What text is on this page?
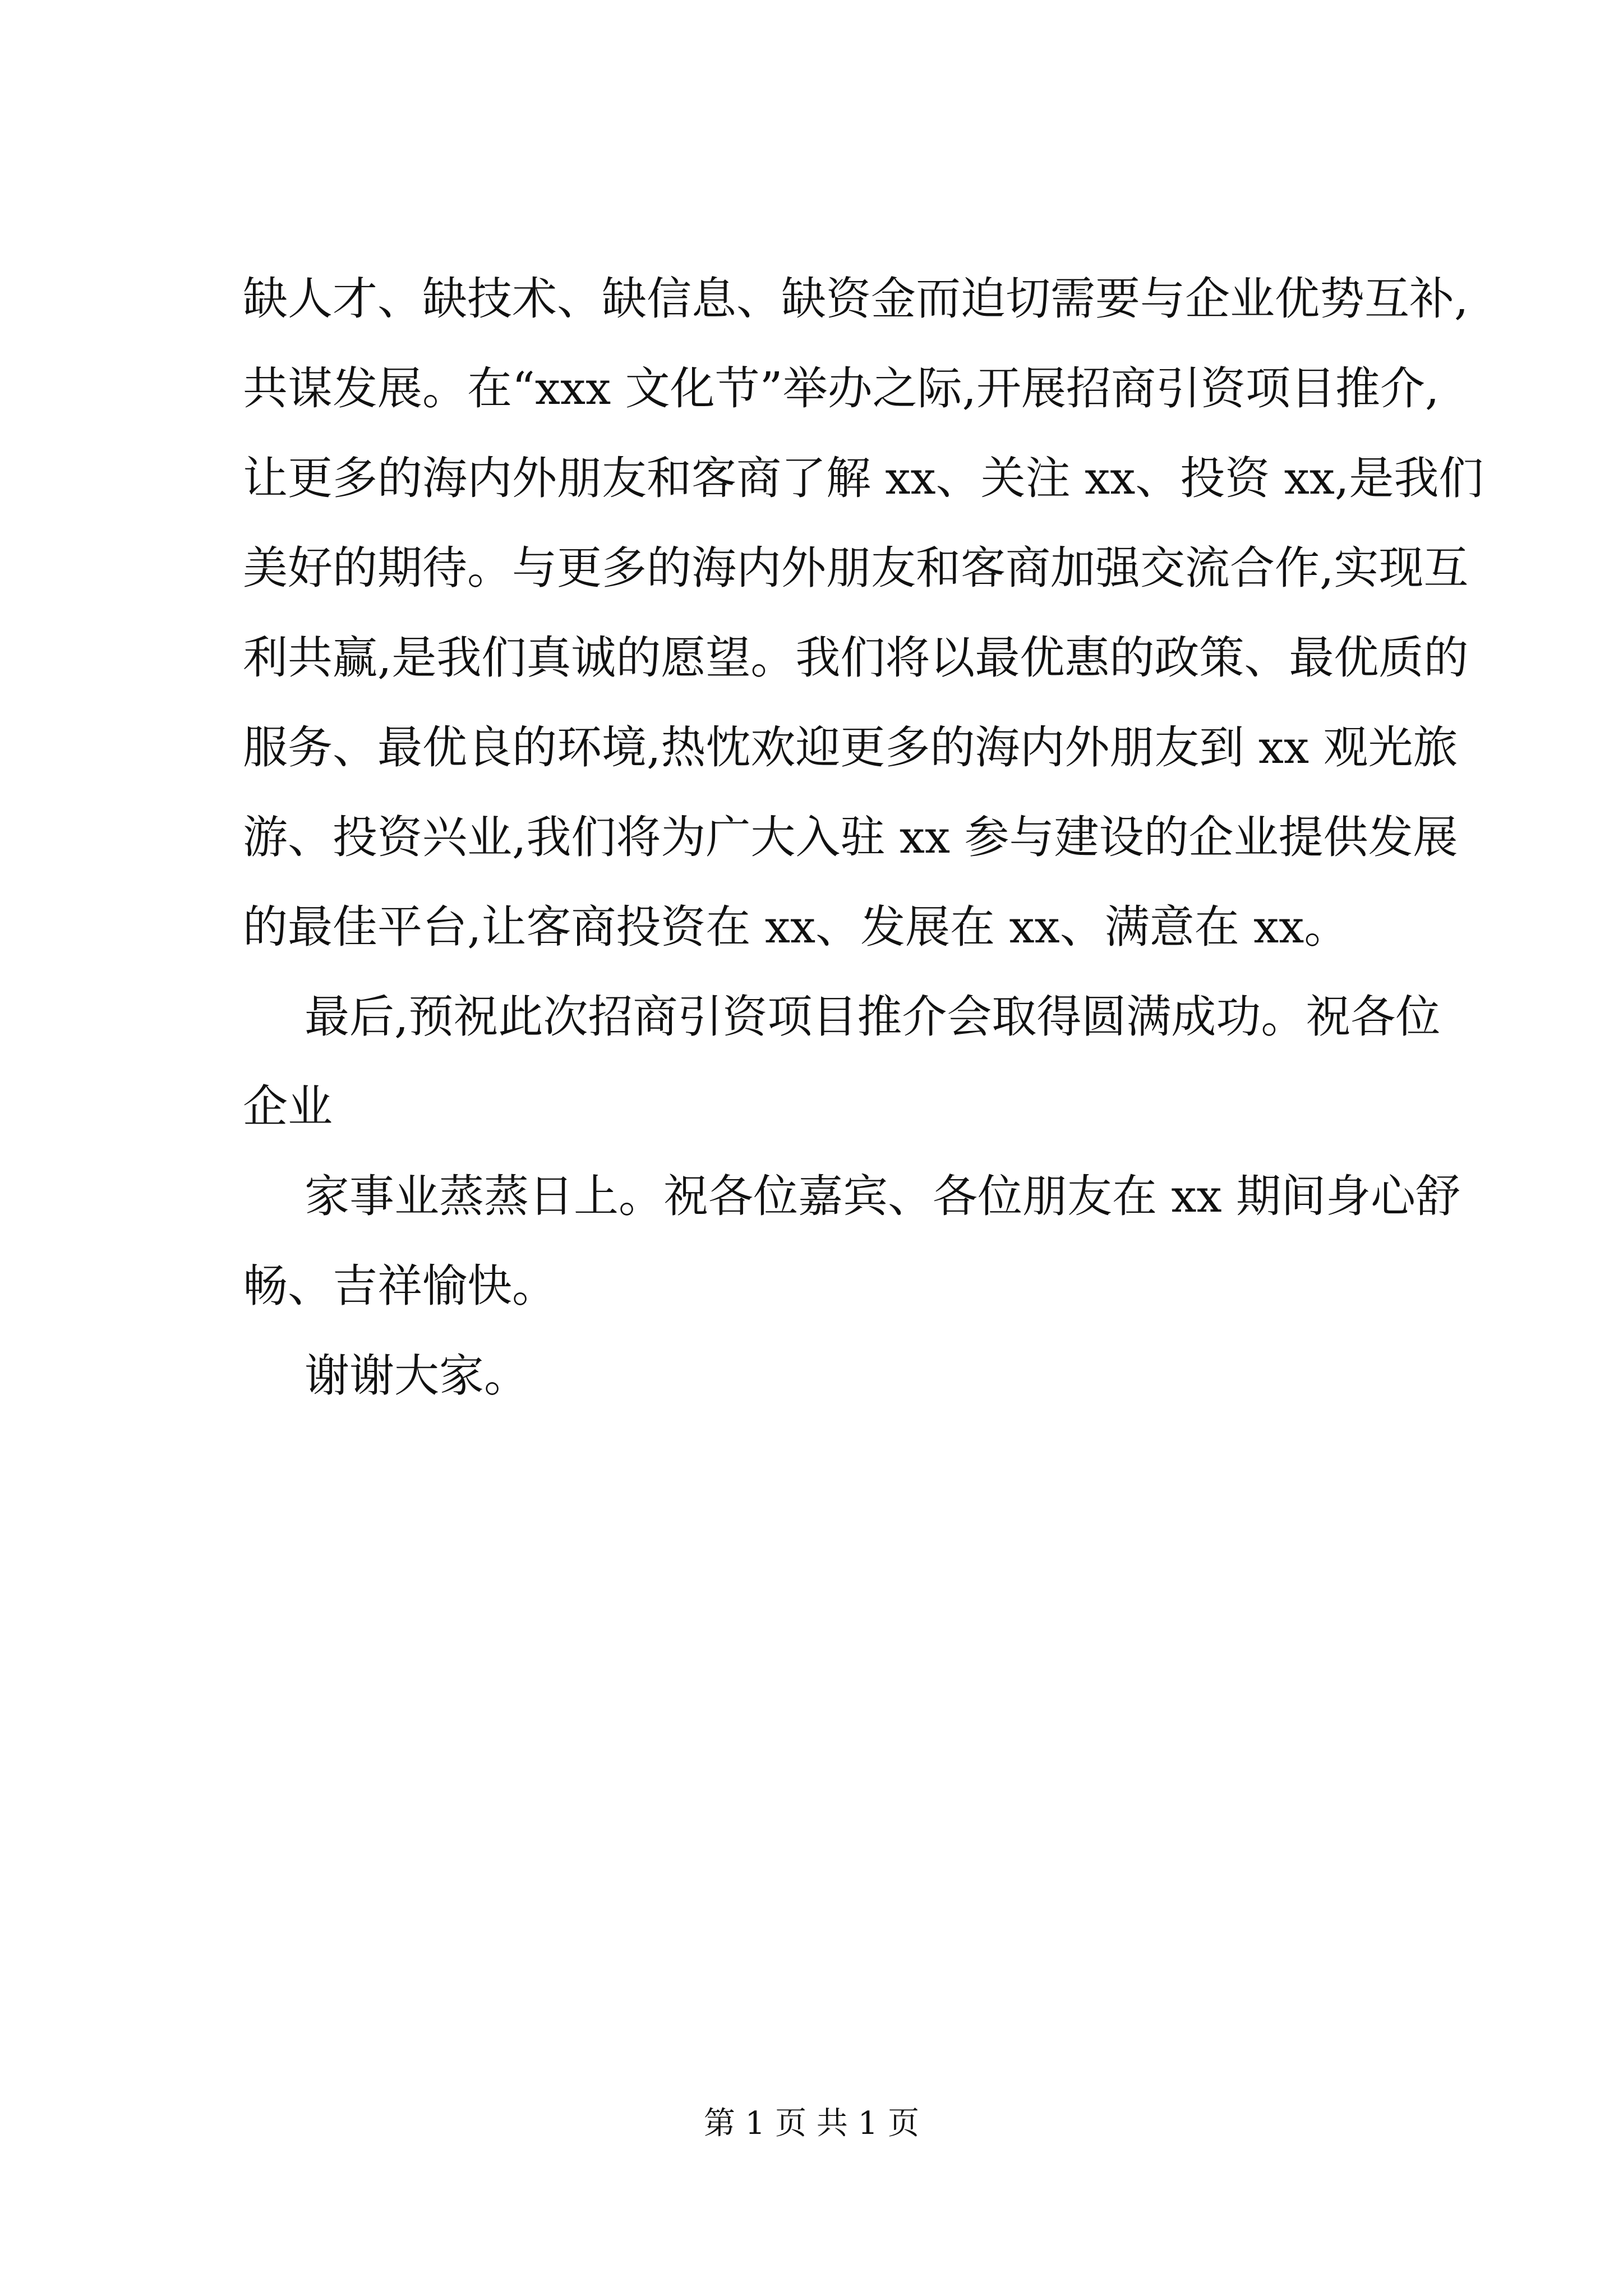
缺人才、缺技术、缺信息、缺资金而迫切需要与企业优势互补,
共谋发展。在“xxx 文化节”举办之际,开展招商引资项目推介,
让更多的海内外朋友和客商了解 xx、关注 xx、投资 xx,是我们
美好的期待。与更多的海内外朋友和客商加强交流合作,实现互
利共赢,是我们真诚的愿望。我们将以最优惠的政策、最优质的
服务、最优良的环境,热忱欢迎更多的海内外朋友到 xx 观光旅
游、投资兴业,我们将为广大入驻 xx 参与建设的企业提供发展
的最佳平台,让客商投资在 xx、发展在 xx、满意在 xx。
最后,预祝此次招商引资项目推介会取得圆满成功。祝各位
企业
家事业蒸蒸日上。祝各位嘉宾、各位朋友在 xx 期间身心舒
畅、吉祥愉快。
谢谢大家。
第 1 页 共 1 页
